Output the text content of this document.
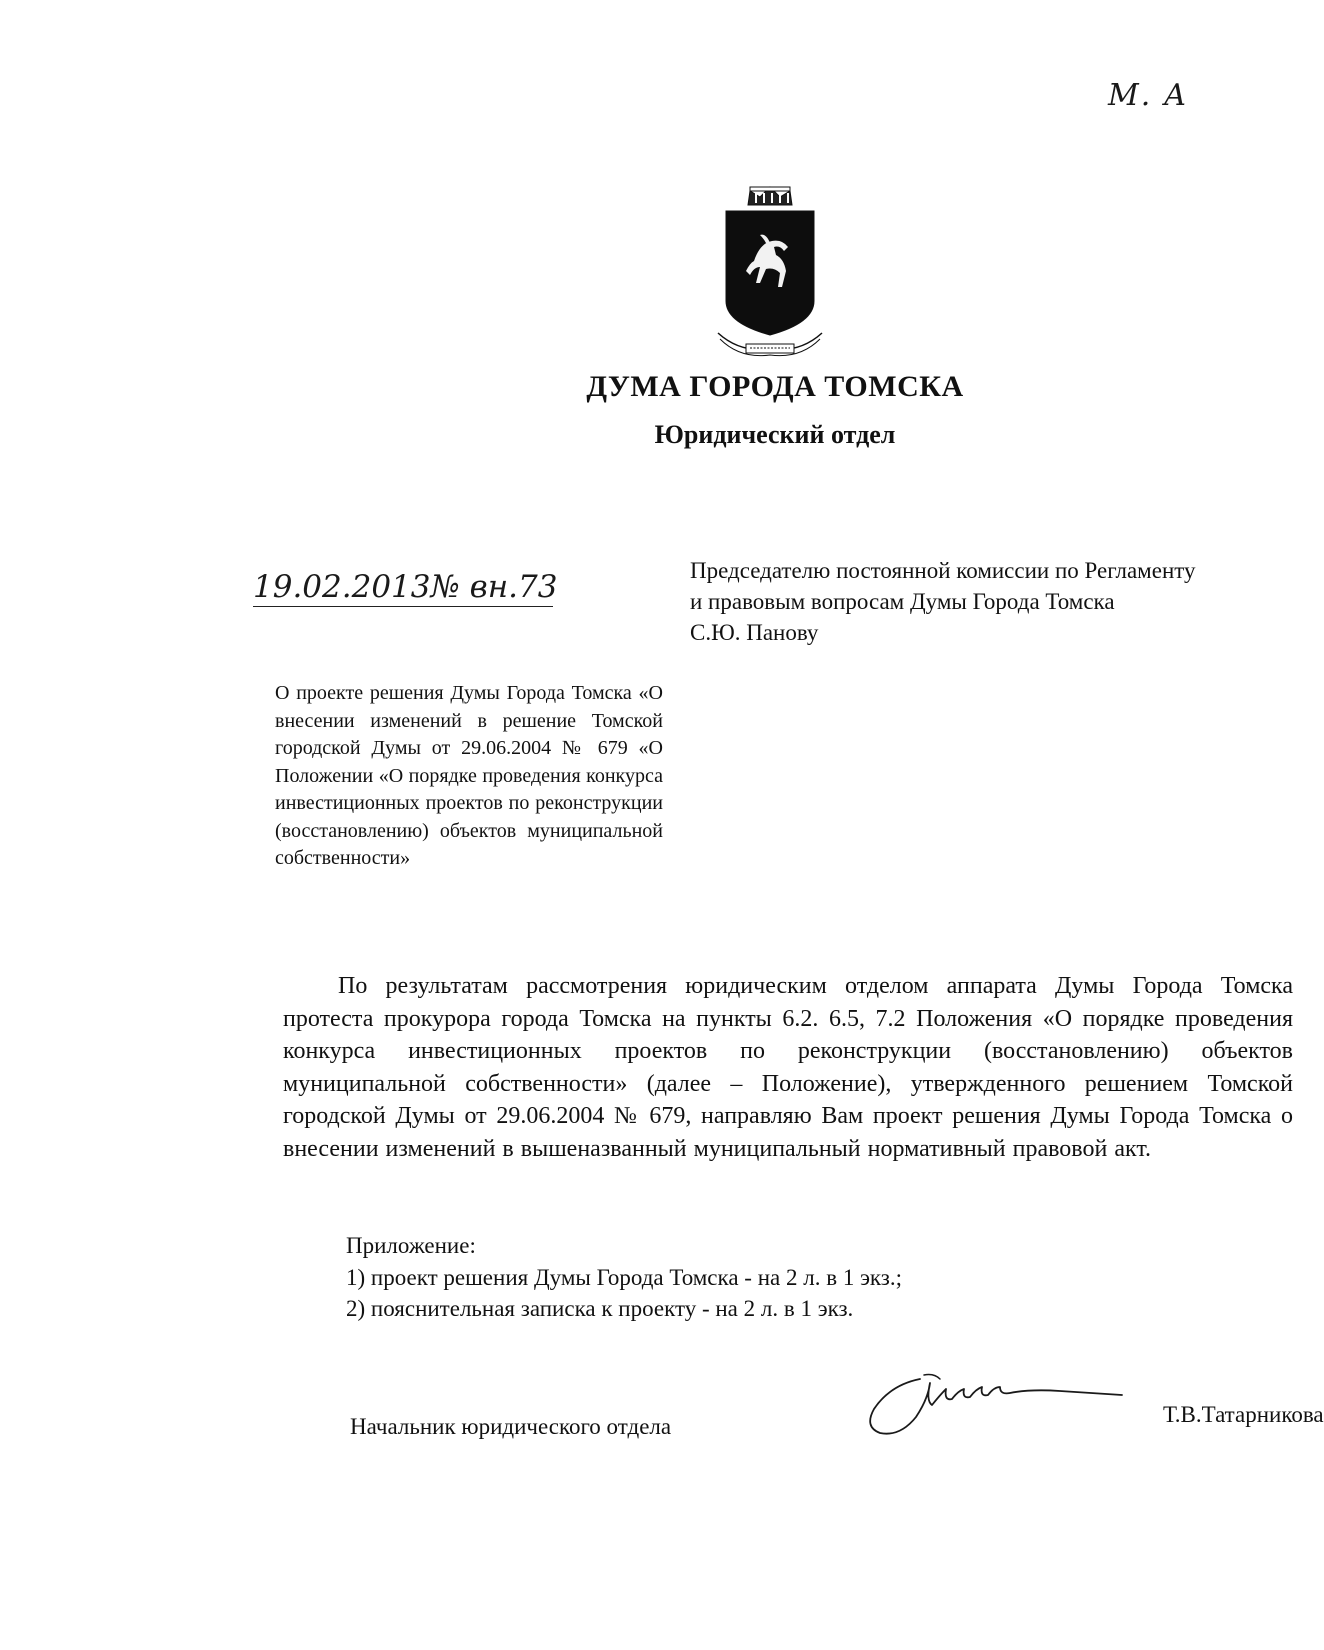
М. А
ДУМА ГОРОДА ТОМСКА
Юридический отдел
19.02.2013№ вн.73	Председателю постоянной комиссии по Регламенту
и правовым вопросам Думы Города Томска
С.Ю. Панову
О проекте решения Думы Города Томска «О внесении изменений в решение Томской городской Думы от 29.06.2004 № 679 «О Положении «О порядке проведения конкурса инвестиционных проектов по реконструкции (восстановлению) объектов муниципальной собственности»
По результатам рассмотрения юридическим отделом аппарата Думы Города Томска протеста прокурора города Томска на пункты 6.2. 6.5, 7.2 Положения «О порядке проведения конкурса инвестиционных проектов по реконструкции (восстановлению) объектов муниципальной собственности» (далее – Положение), утвержденного решением Томской городской Думы от 29.06.2004 № 679, направляю Вам проект решения Думы Города Томска о внесении изменений в вышеназванный муниципальный нормативный правовой акт.
Приложение:
1) проект решения Думы Города Томска - на 2 л. в 1 экз.;
2) пояснительная записка к проекту - на 2 л. в 1 экз.
Начальник юридического отдела	Т.В.Татарникова
